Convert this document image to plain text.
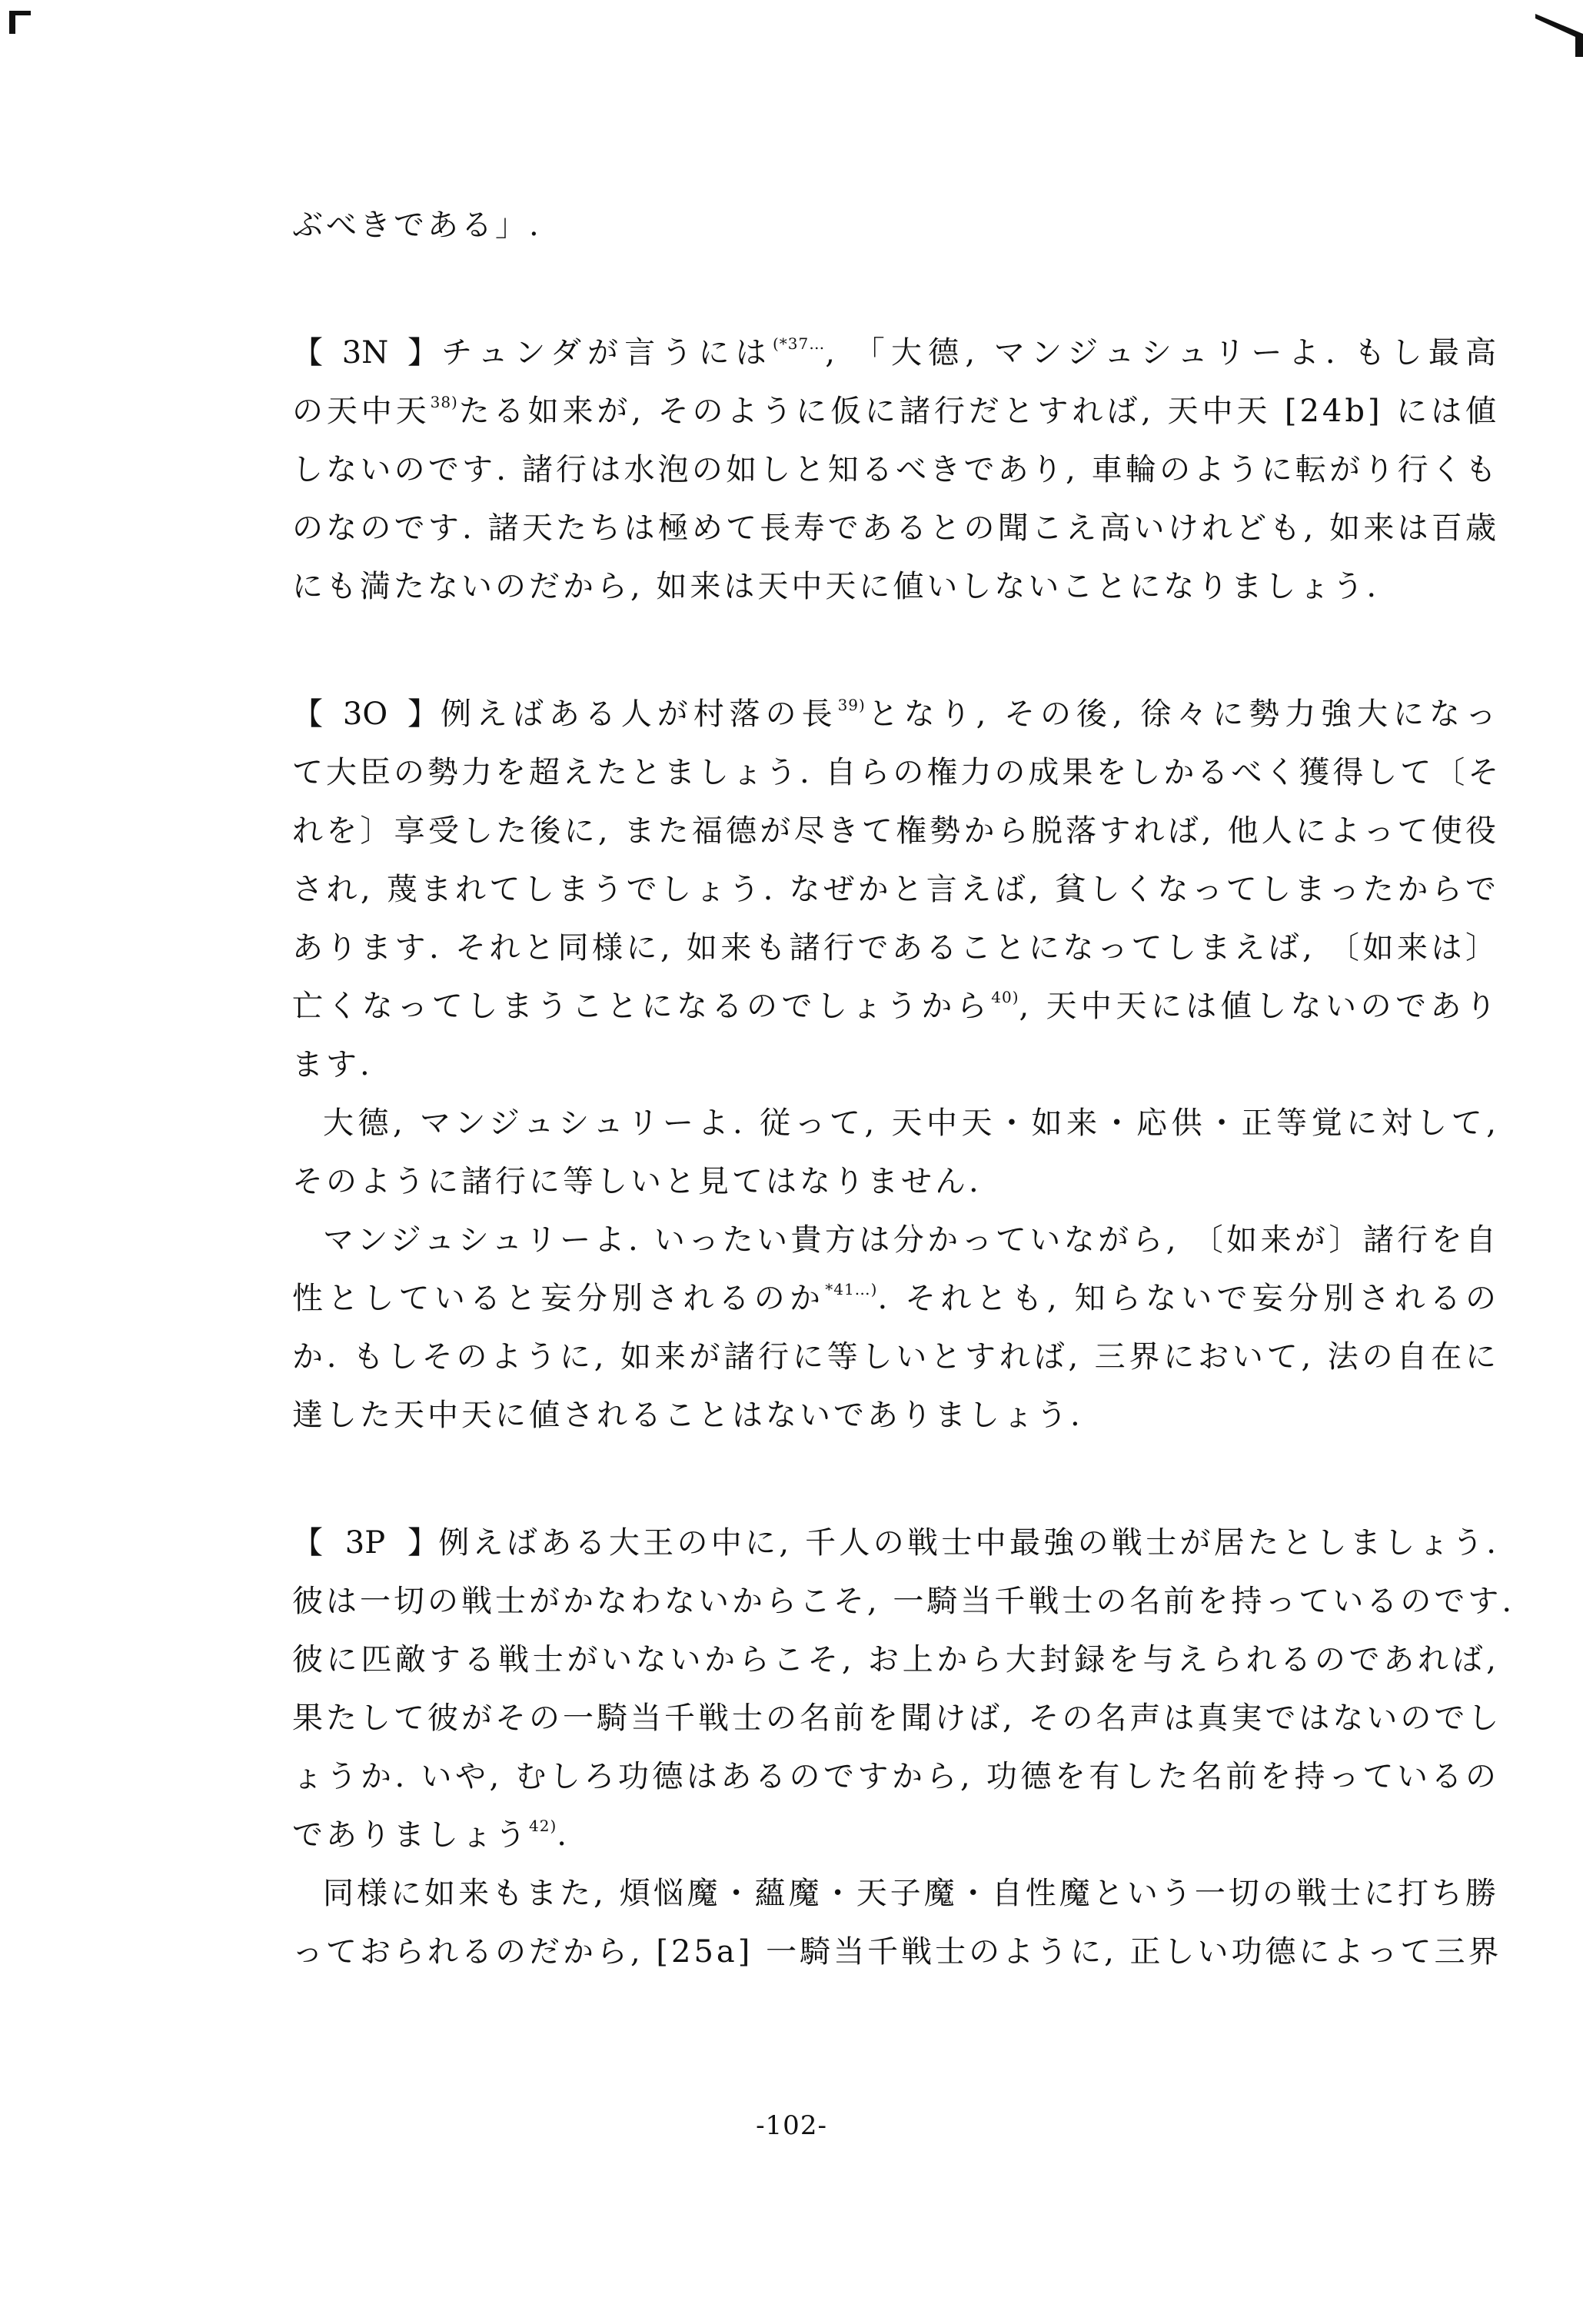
ぶべきである」.
【3N】チュンダが言うには$^{(*37\dots}$, 「大德, マンジュシュリーよ. もし最高
の天中天$^{38)}$たる如来が, そのように仮に諸行だとすれば, 天中天 [24b] には値
しないのです. 諸行は水泡の如しと知るべきであり, 車輪のように転がり行くも
のなのです. 諸天たちは極めて長寿であるとの聞こえ高いけれども, 如来は百歳
にも満たないのだから, 如来は天中天に値いしないことになりましょう.
【3O】例えばある人が村落の長$^{39)}$となり, その後, 徐々に勢力強大になっ
て大臣の勢力を超えたとましょう. 自らの権力の成果をしかるべく獲得して〔そ
れを〕享受した後に, また福德が尽きて権勢から脱落すれば, 他人によって使役
され, 蔑まれてしまうでしょう. なぜかと言えば, 貧しくなってしまったからで
あります. それと同様に, 如来も諸行であることになってしまえば, 〔如来は〕
亡くなってしまうことになるのでしょうから$^{40)}$, 天中天には値しないのであり
ます.
大德, マンジュシュリーよ. 従って, 天中天・如来・応供・正等覚に対して,
そのように諸行に等しいと見てはなりません.
マンジュシュリーよ. いったい貴方は分かっていながら, 〔如来が〕諸行を自
性としていると妄分別されるのか$^{*41\dots)}$. それとも, 知らないで妄分別されるの
か. もしそのように, 如来が諸行に等しいとすれば, 三界において, 法の自在に
達した天中天に値されることはないでありましょう.
【3P】例えばある大王の中に, 千人の戦士中最強の戦士が居たとしましょう.
彼は一切の戦士がかなわないからこそ, 一騎当千戦士の名前を持っているのです.
彼に匹敵する戦士がいないからこそ, お上から大封録を与えられるのであれば,
果たして彼がその一騎当千戦士の名前を聞けば, その名声は真実ではないのでし
ょうか. いや, むしろ功德はあるのですから, 功德を有した名前を持っているの
でありましょう$^{42)}$.
同様に如来もまた, 煩悩魔・蘊魔・天子魔・自性魔という一切の戦士に打ち勝
っておられるのだから, [25a] 一騎当千戦士のように, 正しい功德によって三界
-102-
